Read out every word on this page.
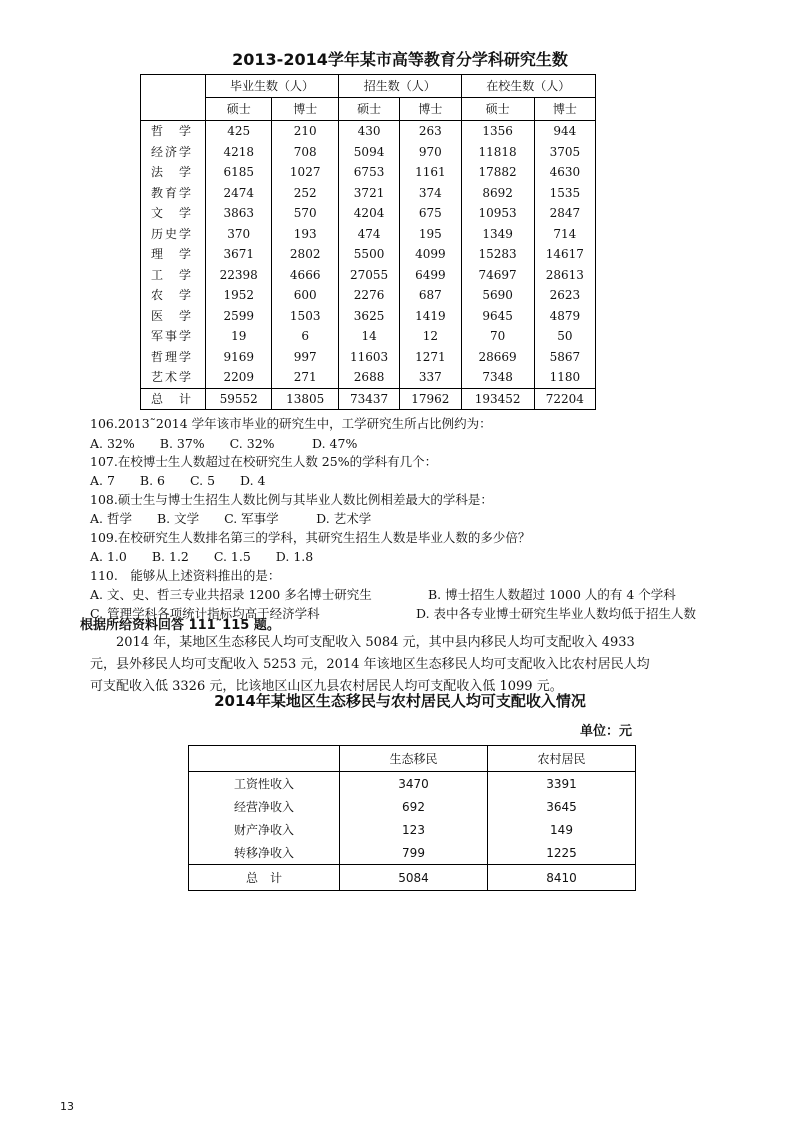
2013-2014学年某市高等教育分学科研究生数
	毕业生数（人）		招生数（人）		在校生数（人）	
	硕士	博士	硕士	博士	硕士	博士
哲　学	425	210	430	263	1356	944
经济学	4218	708	5094	970	11818	3705
法　学	6185	1027	6753	1161	17882	4630
教育学	2474	252	3721	374	8692	1535
文　学	3863	570	4204	675	10953	2847
历史学	370	193	474	195	1349	714
理　学	3671	2802	5500	4099	15283	14617
工　学	22398	4666	27055	6499	74697	28613
农　学	1952	600	2276	687	5690	2623
医　学	2599	1503	3625	1419	9645	4879
军事学	19	6	14	12	70	50
哲理学	9169	997	11603	1271	28669	5867
艺术学	2209	271	2688	337	7348	1180
总　计	59552	13805	73437	17962	193452	72204
106.2013˜2014 学年该市毕业的研究生中，工学研究生所占比例约为：
A. 32%　　B. 37%　　C. 32%　　　D. 47%
107.在校博士生人数超过在校研究生人数 25%的学科有几个：
A. 7　　B. 6　　C. 5　　D. 4
108.硕士生与博士生招生人数比例与其毕业人数比例相差最大的学科是：
A. 哲学　　B. 文学　　C. 军事学　　　D. 艺术学
109.在校研究生人数排名第三的学科，其研究生招生人数是毕业人数的多少倍？
A. 1.0　　B. 1.2　　C. 1.5　　D. 1.8
110.　能够从上述资料推出的是：
A. 文、史、哲三专业共招录 1200 多名博士研究生	B. 博士招生人数超过 1000 人的有 4 个学科
C. 管理学科各项统计指标均高于经济学科	D. 表中各专业博士研究生毕业人数均低于招生人数
根据所给资料回答 111˜115 题。
2014 年，某地区生态移民人均可支配收入 5084 元，其中县内移民人均可支配收入 4933 元，县外移民人均可支配收入 5253 元，2014 年该地区生态移民人均可支配收入比农村居民人均可支配收入低 3326 元，比该地区山区九县农村居民人均可支配收入低 1099 元。
2014年某地区生态移民与农村居民人均可支配收入情况
单位：元
	生态移民	农村居民
工资性收入	3470	3391
经营净收入	692	3645
财产净收入	123	149
转移净收入	799	1225
总　计	5084	8410
13
